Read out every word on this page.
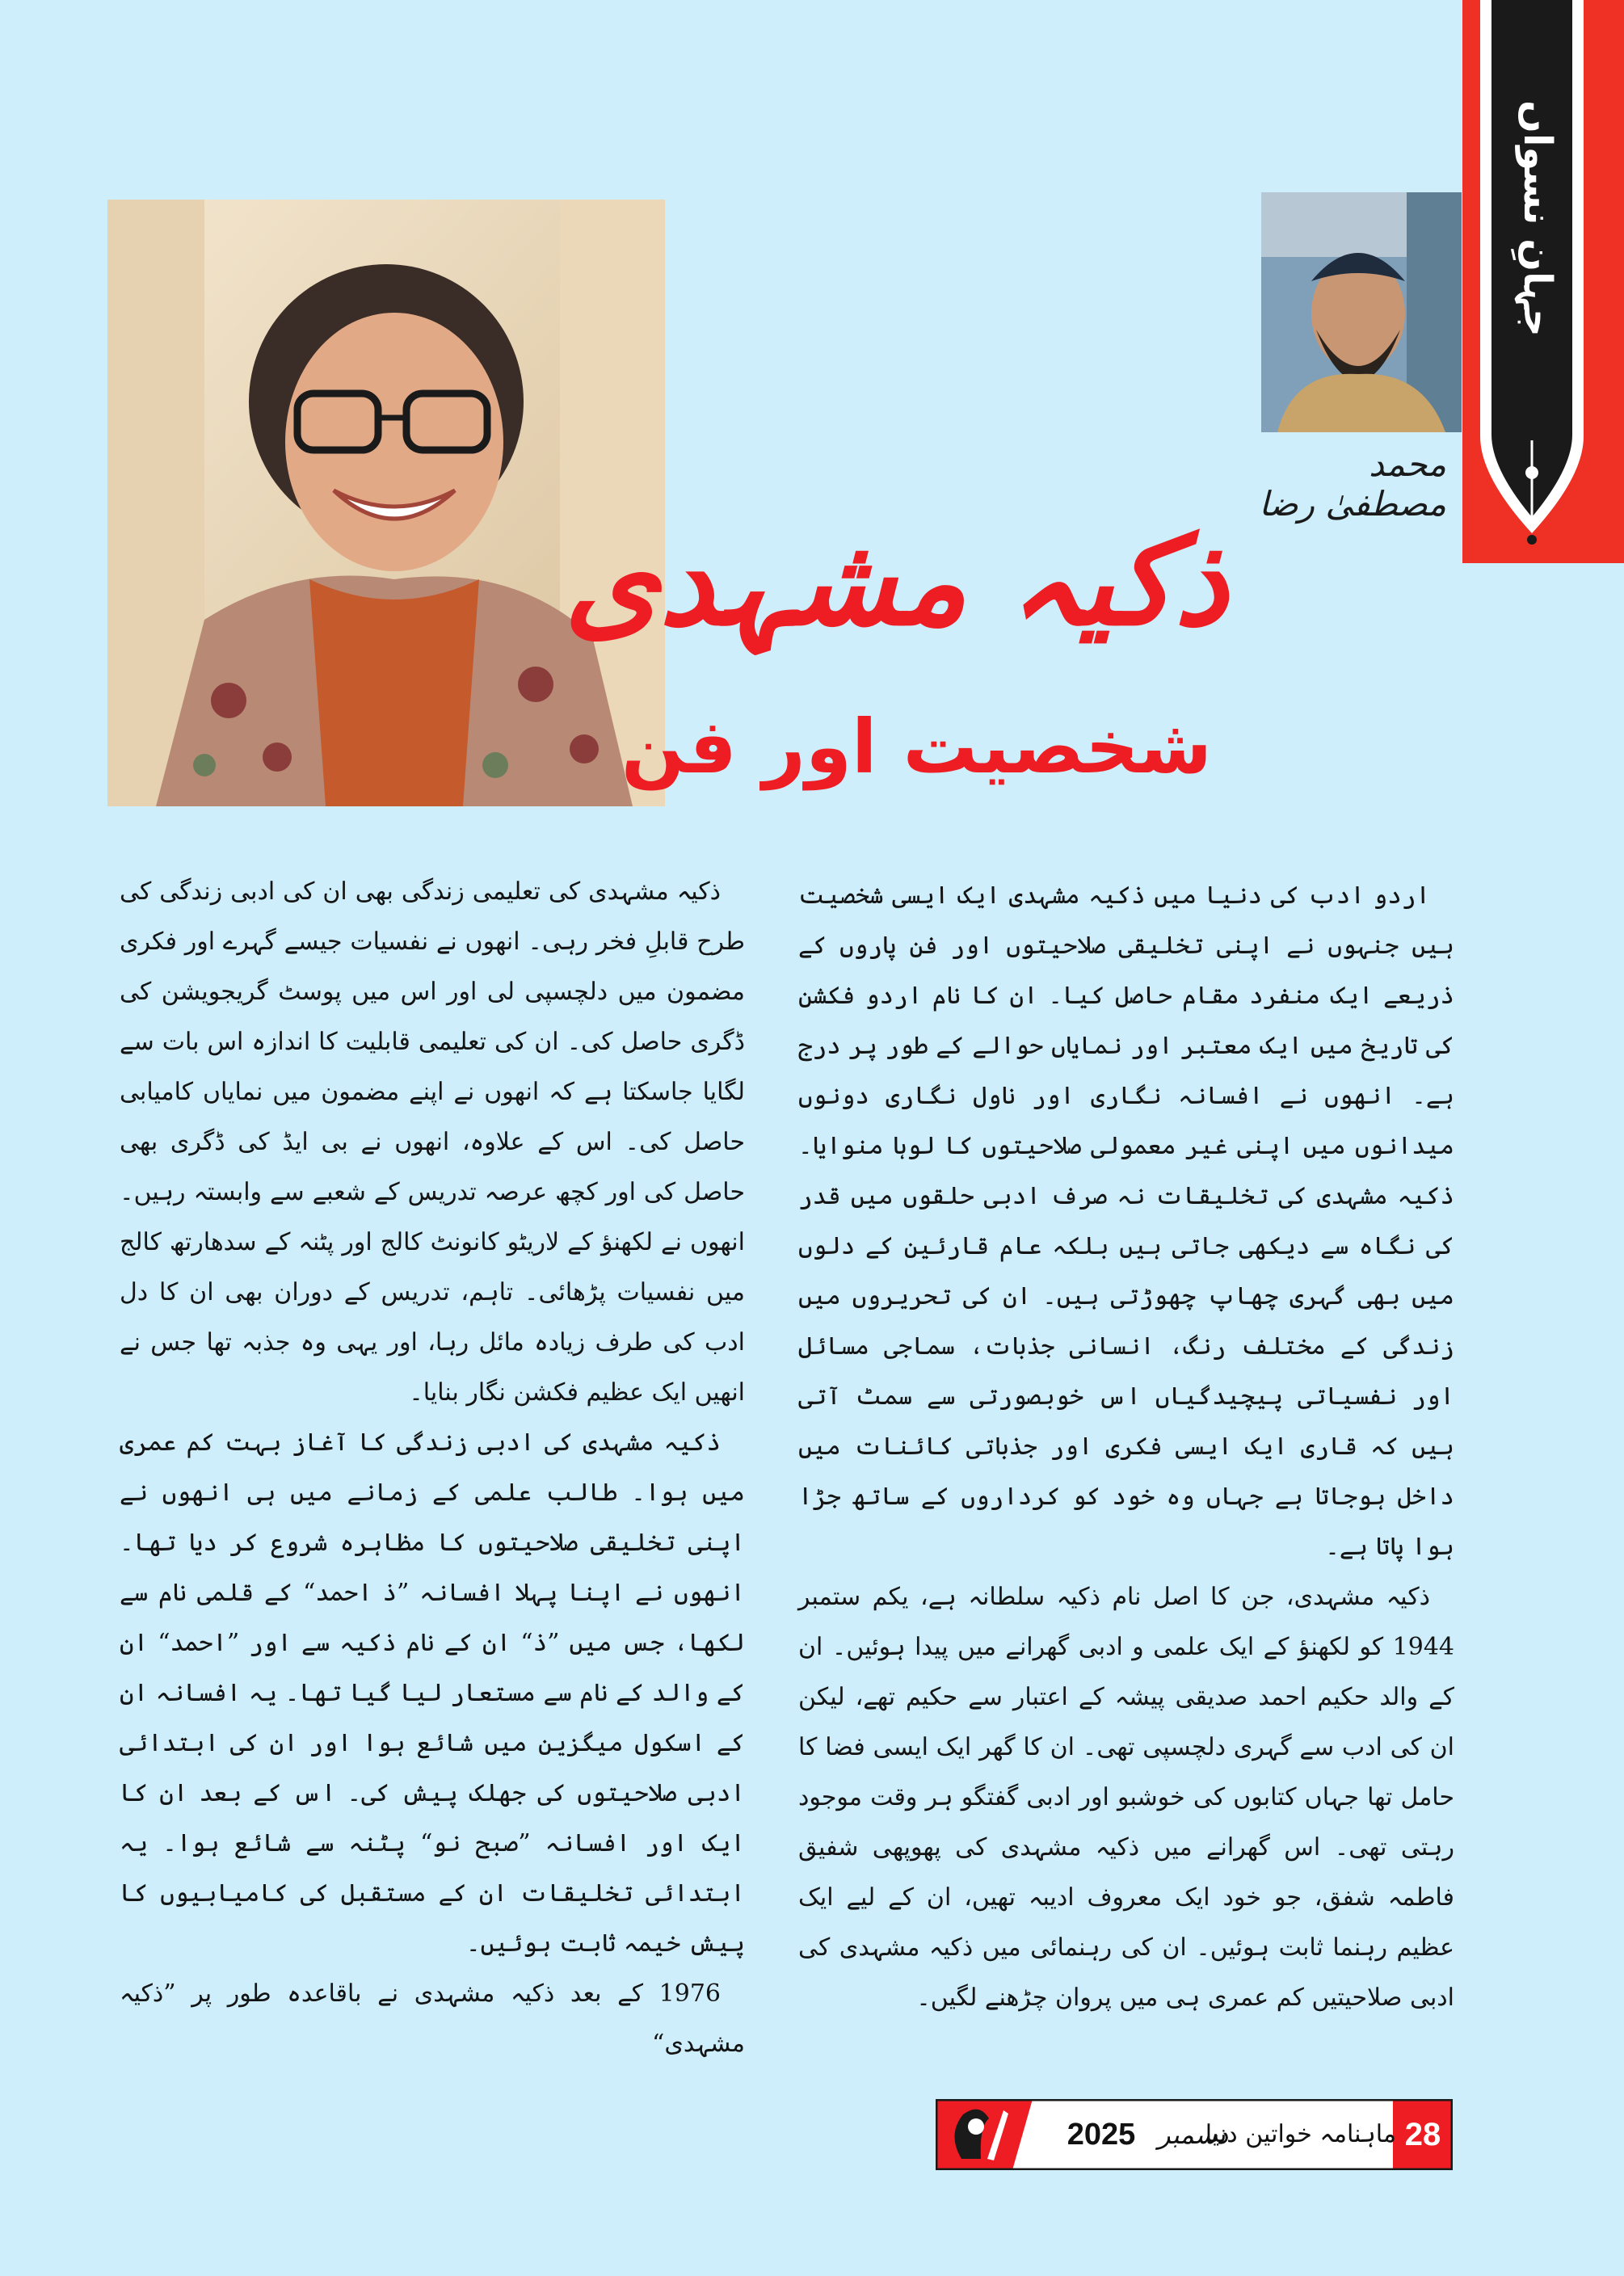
جہانِ نسواں
محمد مصطفیٰ رضا
ذکیہ مشہدی
شخصیت اور فن

اردو ادب کی دنیا میں ذکیہ مشہدی ایک ایسی شخصیت ہیں جنہوں نے اپنی تخلیقی صلاحیتوں اور فن پاروں کے ذریعے ایک منفرد مقام حاصل کیا۔ ان کا نام اردو فکشن کی تاریخ میں ایک معتبر اور نمایاں حوالے کے طور پر درج ہے۔ انھوں نے افسانہ نگاری اور ناول نگاری دونوں میدانوں میں اپنی غیر معمولی صلاحیتوں کا لوہا منوایا۔ ذکیہ مشہدی کی تخلیقات نہ صرف ادبی حلقوں میں قدر کی نگاہ سے دیکھی جاتی ہیں بلکہ عام قارئین کے دلوں میں بھی گہری چھاپ چھوڑتی ہیں۔ ان کی تحریروں میں زندگی کے مختلف رنگ، انسانی جذبات، سماجی مسائل اور نفسیاتی پیچیدگیاں اس خوبصورتی سے سمٹ آتی ہیں کہ قاری ایک ایسی فکری اور جذباتی کائنات میں داخل ہوجاتا ہے جہاں وہ خود کو کرداروں کے ساتھ جڑا ہوا پاتا ہے۔

ذکیہ مشہدی، جن کا اصل نام ذکیہ سلطانہ ہے، یکم ستمبر 1944 کو لکھنؤ کے ایک علمی و ادبی گھرانے میں پیدا ہوئیں۔ ان کے والد حکیم احمد صدیقی پیشہ کے اعتبار سے حکیم تھے، لیکن ان کی ادب سے گہری دلچسپی تھی۔ ان کا گھر ایک ایسی فضا کا حامل تھا جہاں کتابوں کی خوشبو اور ادبی گفتگو ہر وقت موجود رہتی تھی۔ اس گھرانے میں ذکیہ مشہدی کی پھوپھی شفیق فاطمہ شفق، جو خود ایک معروف ادیبہ تھیں، ان کے لیے ایک عظیم رہنما ثابت ہوئیں۔ ان کی رہنمائی میں ذکیہ مشہدی کی ادبی صلاحیتیں کم عمری ہی میں پروان چڑھنے لگیں۔

ذکیہ مشہدی کی تعلیمی زندگی بھی ان کی ادبی زندگی کی طرح قابلِ فخر رہی۔ انھوں نے نفسیات جیسے گہرے اور فکری مضمون میں دلچسپی لی اور اس میں پوسٹ گریجویشن کی ڈگری حاصل کی۔ ان کی تعلیمی قابلیت کا اندازہ اس بات سے لگایا جاسکتا ہے کہ انھوں نے اپنے مضمون میں نمایاں کامیابی حاصل کی۔ اس کے علاوہ، انھوں نے بی ایڈ کی ڈگری بھی حاصل کی اور کچھ عرصہ تدریس کے شعبے سے وابستہ رہیں۔ انھوں نے لکھنؤ کے لاریٹو کانونٹ کالج اور پٹنہ کے سدھارتھ کالج میں نفسیات پڑھائی۔ تاہم، تدریس کے دوران بھی ان کا دل ادب کی طرف زیادہ مائل رہا، اور یہی وہ جذبہ تھا جس نے انھیں ایک عظیم فکشن نگار بنایا۔

ذکیہ مشہدی کی ادبی زندگی کا آغاز بہت کم عمری میں ہوا۔ طالب علمی کے زمانے میں ہی انھوں نے اپنی تخلیقی صلاحیتوں کا مظاہرہ شروع کر دیا تھا۔ انھوں نے اپنا پہلا افسانہ ”ذ احمد“ کے قلمی نام سے لکھا، جس میں ”ذ“ ان کے نام ذکیہ سے اور ”احمد“ ان کے والد کے نام سے مستعار لیا گیا تھا۔ یہ افسانہ ان کے اسکول میگزین میں شائع ہوا اور ان کی ابتدائی ادبی صلاحیتوں کی جھلک پیش کی۔ اس کے بعد ان کا ایک اور افسانہ ”صبح نو“ پٹنہ سے شائع ہوا۔ یہ ابتدائی تخلیقات ان کے مستقبل کی کامیابیوں کا پیش خیمہ ثابت ہوئیں۔

1976 کے بعد ذکیہ مشہدی نے باقاعدہ طور پر ”ذکیہ مشہدی“

ماہنامہ خواتین دنیا
دسمبر
2025	28
